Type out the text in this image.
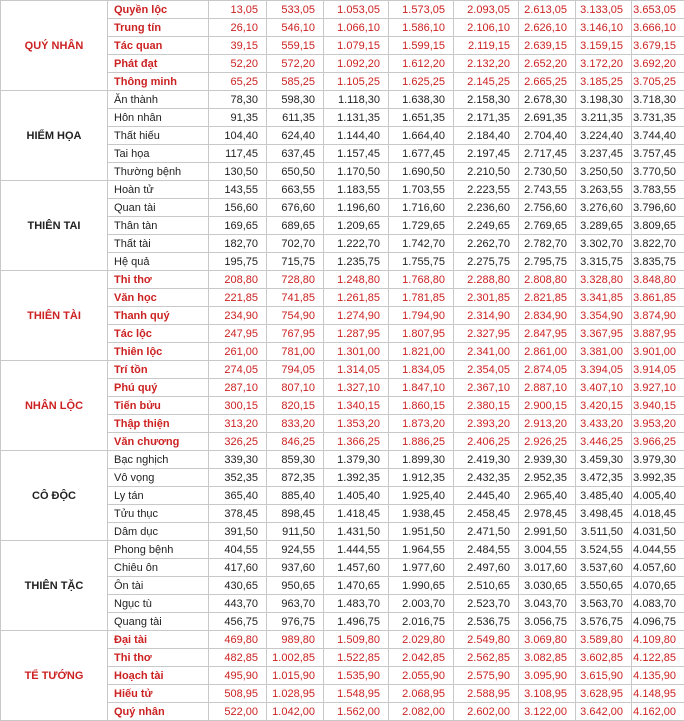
QUÝ NHÂN	Quyền lộc	13,05	533,05	1.053,05	1.573,05	2.093,05	2.613,05	3.133,05	3.653,05
	Trung tín	26,10	546,10	1.066,10	1.586,10	2.106,10	2.626,10	3.146,10	3.666,10
	Tác quan	39,15	559,15	1.079,15	1.599,15	2.119,15	2.639,15	3.159,15	3.679,15
	Phát đạt	52,20	572,20	1.092,20	1.612,20	2.132,20	2.652,20	3.172,20	3.692,20
	Thông minh	65,25	585,25	1.105,25	1.625,25	2.145,25	2.665,25	3.185,25	3.705,25
HIỂM HỌA	Ăn thành	78,30	598,30	1.118,30	1.638,30	2.158,30	2.678,30	3.198,30	3.718,30
	Hôn nhân	91,35	611,35	1.131,35	1.651,35	2.171,35	2.691,35	3.211,35	3.731,35
	Thất hiếu	104,40	624,40	1.144,40	1.664,40	2.184,40	2.704,40	3.224,40	3.744,40
	Tai họa	117,45	637,45	1.157,45	1.677,45	2.197,45	2.717,45	3.237,45	3.757,45
	Thường bệnh	130,50	650,50	1.170,50	1.690,50	2.210,50	2.730,50	3.250,50	3.770,50
THIÊN TAI	Hoàn tử	143,55	663,55	1.183,55	1.703,55	2.223,55	2.743,55	3.263,55	3.783,55
	Quan tài	156,60	676,60	1.196,60	1.716,60	2.236,60	2.756,60	3.276,60	3.796,60
	Thân tàn	169,65	689,65	1.209,65	1.729,65	2.249,65	2.769,65	3.289,65	3.809,65
	Thất tài	182,70	702,70	1.222,70	1.742,70	2.262,70	2.782,70	3.302,70	3.822,70
	Hệ quả	195,75	715,75	1.235,75	1.755,75	2.275,75	2.795,75	3.315,75	3.835,75
THIÊN TÀI	Thi thơ	208,80	728,80	1.248,80	1.768,80	2.288,80	2.808,80	3.328,80	3.848,80
	Văn học	221,85	741,85	1.261,85	1.781,85	2.301,85	2.821,85	3.341,85	3.861,85
	Thanh quý	234,90	754,90	1.274,90	1.794,90	2.314,90	2.834,90	3.354,90	3.874,90
	Tác lộc	247,95	767,95	1.287,95	1.807,95	2.327,95	2.847,95	3.367,95	3.887,95
	Thiên lộc	261,00	781,00	1.301,00	1.821,00	2.341,00	2.861,00	3.381,00	3.901,00
NHÂN LỘC	Trí tồn	274,05	794,05	1.314,05	1.834,05	2.354,05	2.874,05	3.394,05	3.914,05
	Phú quý	287,10	807,10	1.327,10	1.847,10	2.367,10	2.887,10	3.407,10	3.927,10
	Tiến bửu	300,15	820,15	1.340,15	1.860,15	2.380,15	2.900,15	3.420,15	3.940,15
	Thập thiện	313,20	833,20	1.353,20	1.873,20	2.393,20	2.913,20	3.433,20	3.953,20
	Văn chương	326,25	846,25	1.366,25	1.886,25	2.406,25	2.926,25	3.446,25	3.966,25
CÔ ĐỘC	Bạc nghịch	339,30	859,30	1.379,30	1.899,30	2.419,30	2.939,30	3.459,30	3.979,30
	Vô vọng	352,35	872,35	1.392,35	1.912,35	2.432,35	2.952,35	3.472,35	3.992,35
	Ly tán	365,40	885,40	1.405,40	1.925,40	2.445,40	2.965,40	3.485,40	4.005,40
	Tửu thục	378,45	898,45	1.418,45	1.938,45	2.458,45	2.978,45	3.498,45	4.018,45
	Dâm dục	391,50	911,50	1.431,50	1.951,50	2.471,50	2.991,50	3.511,50	4.031,50
THIÊN TẶC	Phong bệnh	404,55	924,55	1.444,55	1.964,55	2.484,55	3.004,55	3.524,55	4.044,55
	Chiêu ôn	417,60	937,60	1.457,60	1.977,60	2.497,60	3.017,60	3.537,60	4.057,60
	Ôn tài	430,65	950,65	1.470,65	1.990,65	2.510,65	3.030,65	3.550,65	4.070,65
	Ngục tù	443,70	963,70	1.483,70	2.003,70	2.523,70	3.043,70	3.563,70	4.083,70
	Quang tài	456,75	976,75	1.496,75	2.016,75	2.536,75	3.056,75	3.576,75	4.096,75
TỂ TƯỚNG	Đại tài	469,80	989,80	1.509,80	2.029,80	2.549,80	3.069,80	3.589,80	4.109,80
	Thi thơ	482,85	1.002,85	1.522,85	2.042,85	2.562,85	3.082,85	3.602,85	4.122,85
	Hoạch tài	495,90	1.015,90	1.535,90	2.055,90	2.575,90	3.095,90	3.615,90	4.135,90
	Hiếu tử	508,95	1.028,95	1.548,95	2.068,95	2.588,95	3.108,95	3.628,95	4.148,95
	Quý nhân	522,00	1.042,00	1.562,00	2.082,00	2.602,00	3.122,00	3.642,00	4.162,00
